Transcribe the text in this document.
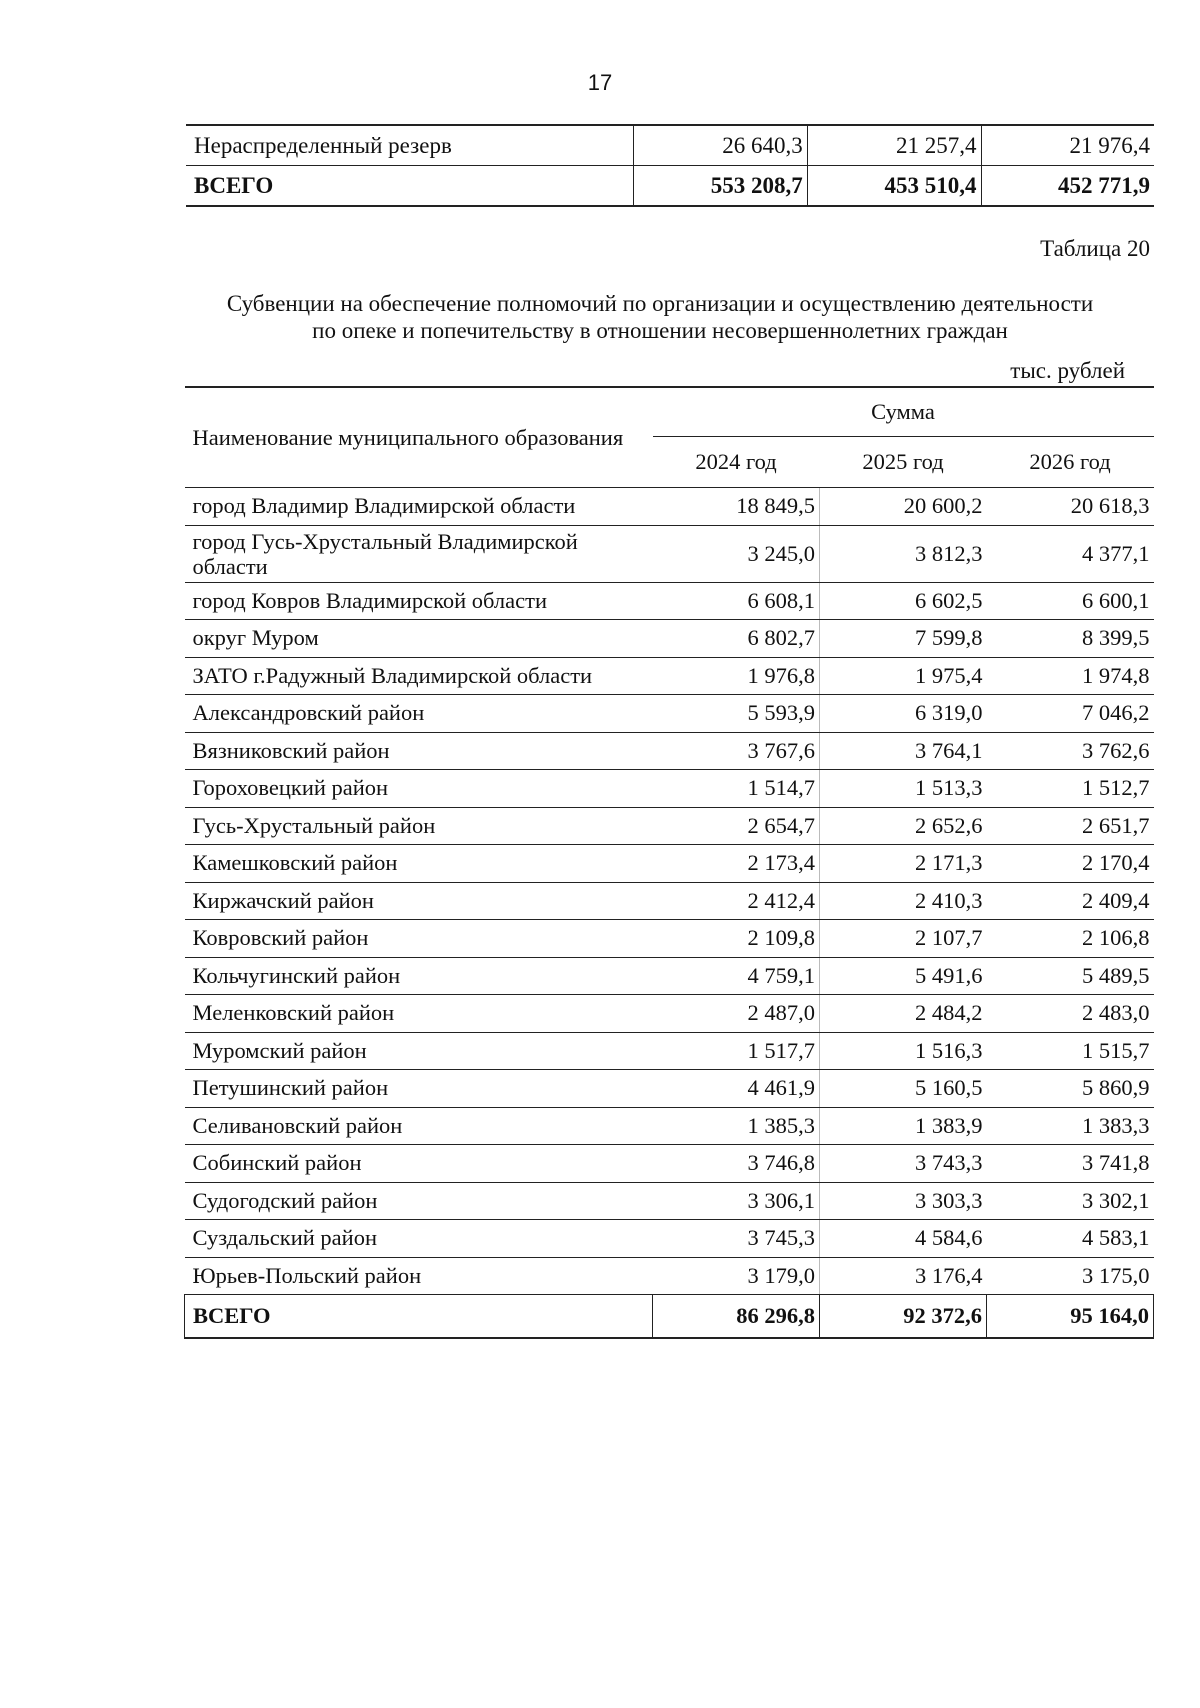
17
Нераспределенный резерв	26 640,3	21 257,4	21 976,4
ВСЕГО	553 208,7	453 510,4	452 771,9
Таблица 20
Субвенции на обеспечение полномочий по организации и осуществлению деятельности
по опеке и попечительству в отношении несовершеннолетних граждан
тыс. рублей
Наименование муниципального образования	Сумма		
	2024 год	2025 год	2026 год
город Владимир Владимирской области	18 849,5	20 600,2	20 618,3
город Гусь-Хрустальный Владимирской области	3 245,0	3 812,3	4 377,1
город Ковров Владимирской области	6 608,1	6 602,5	6 600,1
округ Муром	6 802,7	7 599,8	8 399,5
ЗАТО г.Радужный Владимирской области	1 976,8	1 975,4	1 974,8
Александровский район	5 593,9	6 319,0	7 046,2
Вязниковский район	3 767,6	3 764,1	3 762,6
Гороховецкий район	1 514,7	1 513,3	1 512,7
Гусь-Хрустальный район	2 654,7	2 652,6	2 651,7
Камешковский район	2 173,4	2 171,3	2 170,4
Киржачский район	2 412,4	2 410,3	2 409,4
Ковровский район	2 109,8	2 107,7	2 106,8
Кольчугинский район	4 759,1	5 491,6	5 489,5
Меленковский район	2 487,0	2 484,2	2 483,0
Муромский район	1 517,7	1 516,3	1 515,7
Петушинский район	4 461,9	5 160,5	5 860,9
Селивановский район	1 385,3	1 383,9	1 383,3
Собинский район	3 746,8	3 743,3	3 741,8
Судогодский район	3 306,1	3 303,3	3 302,1
Суздальский район	3 745,3	4 584,6	4 583,1
Юрьев-Польский район	3 179,0	3 176,4	3 175,0
ВСЕГО	86 296,8	92 372,6	95 164,0
